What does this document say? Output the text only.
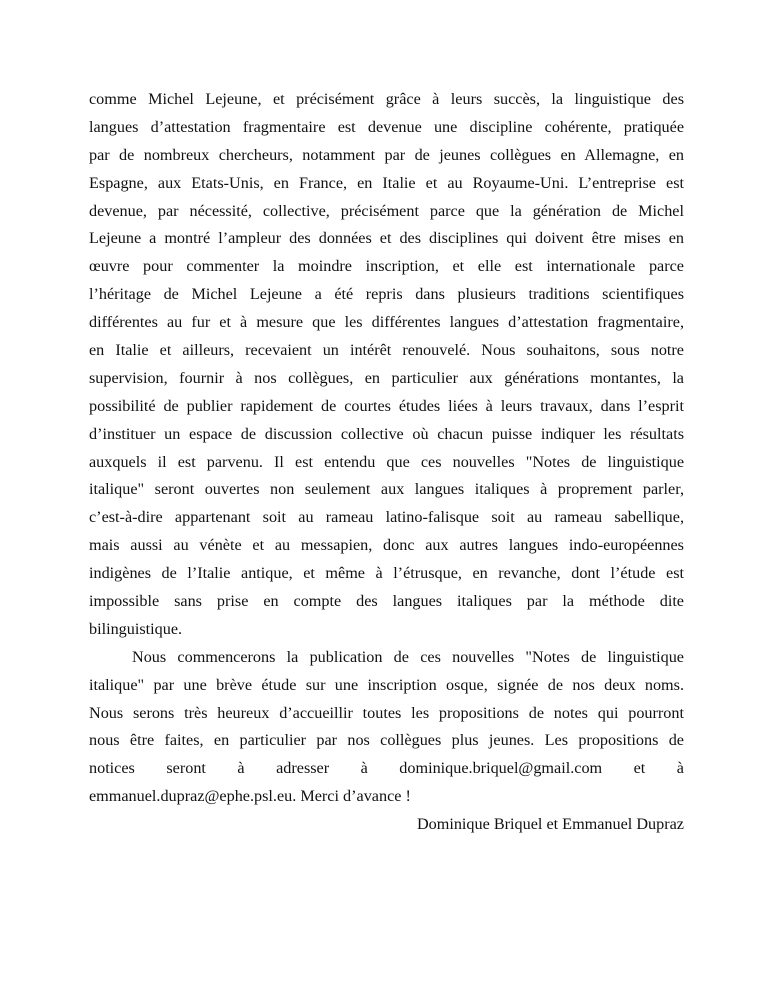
comme Michel Lejeune, et précisément grâce à leurs succès, la linguistique des
langues d’attestation fragmentaire est devenue une discipline cohérente, pratiquée
par de nombreux chercheurs, notamment par de jeunes collègues en Allemagne, en
Espagne, aux Etats-Unis, en France, en Italie et au Royaume-Uni. L’entreprise est
devenue, par nécessité, collective, précisément parce que la génération de Michel
Lejeune a montré l’ampleur des données et des disciplines qui doivent être mises en
œuvre pour commenter la moindre inscription, et elle est internationale parce
l’héritage de Michel Lejeune a été repris dans plusieurs traditions scientifiques
différentes au fur et à mesure que les différentes langues d’attestation fragmentaire,
en Italie et ailleurs, recevaient un intérêt renouvelé. Nous souhaitons, sous notre
supervision, fournir à nos collègues, en particulier aux générations montantes, la
possibilité de publier rapidement de courtes études liées à leurs travaux, dans l’esprit
d’instituer un espace de discussion collective où chacun puisse indiquer les résultats
auxquels il est parvenu. Il est entendu que ces nouvelles "Notes de linguistique
italique" seront ouvertes non seulement aux langues italiques à proprement parler,
c’est-à-dire appartenant soit au rameau latino-falisque soit au rameau sabellique,
mais aussi au vénète et au messapien, donc aux autres langues indo-européennes
indigènes de l’Italie antique, et même à l’étrusque, en revanche, dont l’étude est
impossible sans prise en compte des langues italiques par la méthode dite
bilinguistique.
Nous commencerons la publication de ces nouvelles "Notes de linguistique
italique" par une brève étude sur une inscription osque, signée de nos deux noms.
Nous serons très heureux d’accueillir toutes les propositions de notes qui pourront
nous être faites, en particulier par nos collègues plus jeunes. Les propositions de
notices seront à adresser à dominique.briquel@gmail.com et à
emmanuel.dupraz@ephe.psl.eu. Merci d’avance !
Dominique Briquel et Emmanuel Dupraz
